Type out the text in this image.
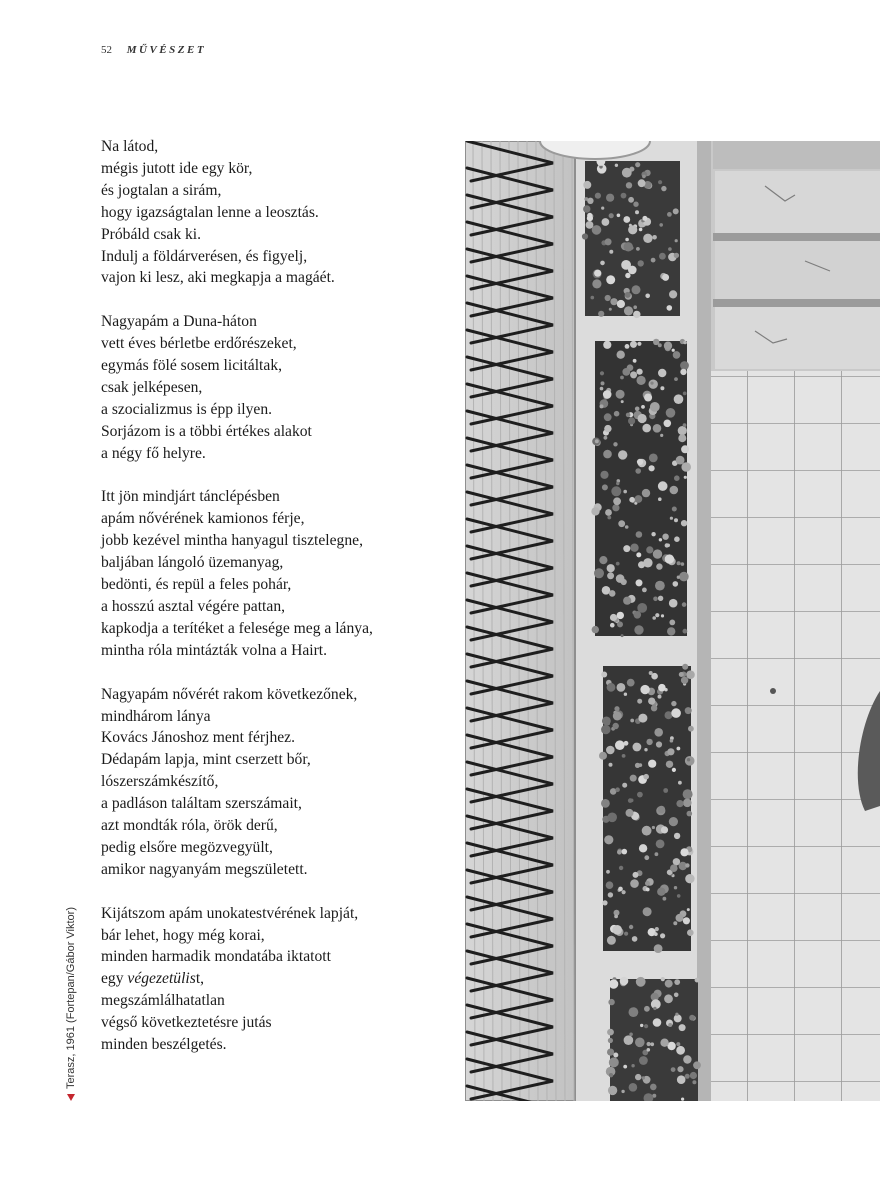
52 MŰVÉSZET
Na látod,
mégis jutott ide egy kör,
és jogtalan a sirám,
hogy igazságtalan lenne a leosztás.
Próbáld csak ki.
Indulj a földárverésen, és figyelj,
vajon ki lesz, aki megkapja a magáét.
Nagyapám a Duna-háton
vett éves bérletbe erdőrészeket,
egymás fölé sosem licitáltak,
csak jelképesen,
a szocializmus is épp ilyen.
Sorjázom is a többi értékes alakot
a négy fő helyre.
Itt jön mindjárt tánclépésben
apám nővérének kamionos férje,
jobb kezével mintha hanyagul tisztelegne,
baljában lángoló üzemanyag,
bedönti, és repül a feles pohár,
a hosszú asztal végére pattan,
kapkodja a terítéket a felesége meg a lánya,
mintha róla mintázták volna a Hairt.
Nagyapám nővérét rakom következőnek,
mindhárom lánya
Kovács Jánoshoz ment férjhez.
Dédapám lapja, mint cserzett bőr,
lószerszámkészítő,
a padláson találtam szerszámait,
azt mondták róla, örök derű,
pedig elsőre megözvegyült,
amikor nagyanyám megszületett.
Kijátszom apám unokatestvérének lapját,
bár lehet, hogy még korai,
minden harmadik mondatába iktatott
egy végezetülist,
megszámlálhatatlan
végső következtetésre jutás
minden beszélgetés.
Terasz, 1961 (Fortepan/Gábor Viktor)
